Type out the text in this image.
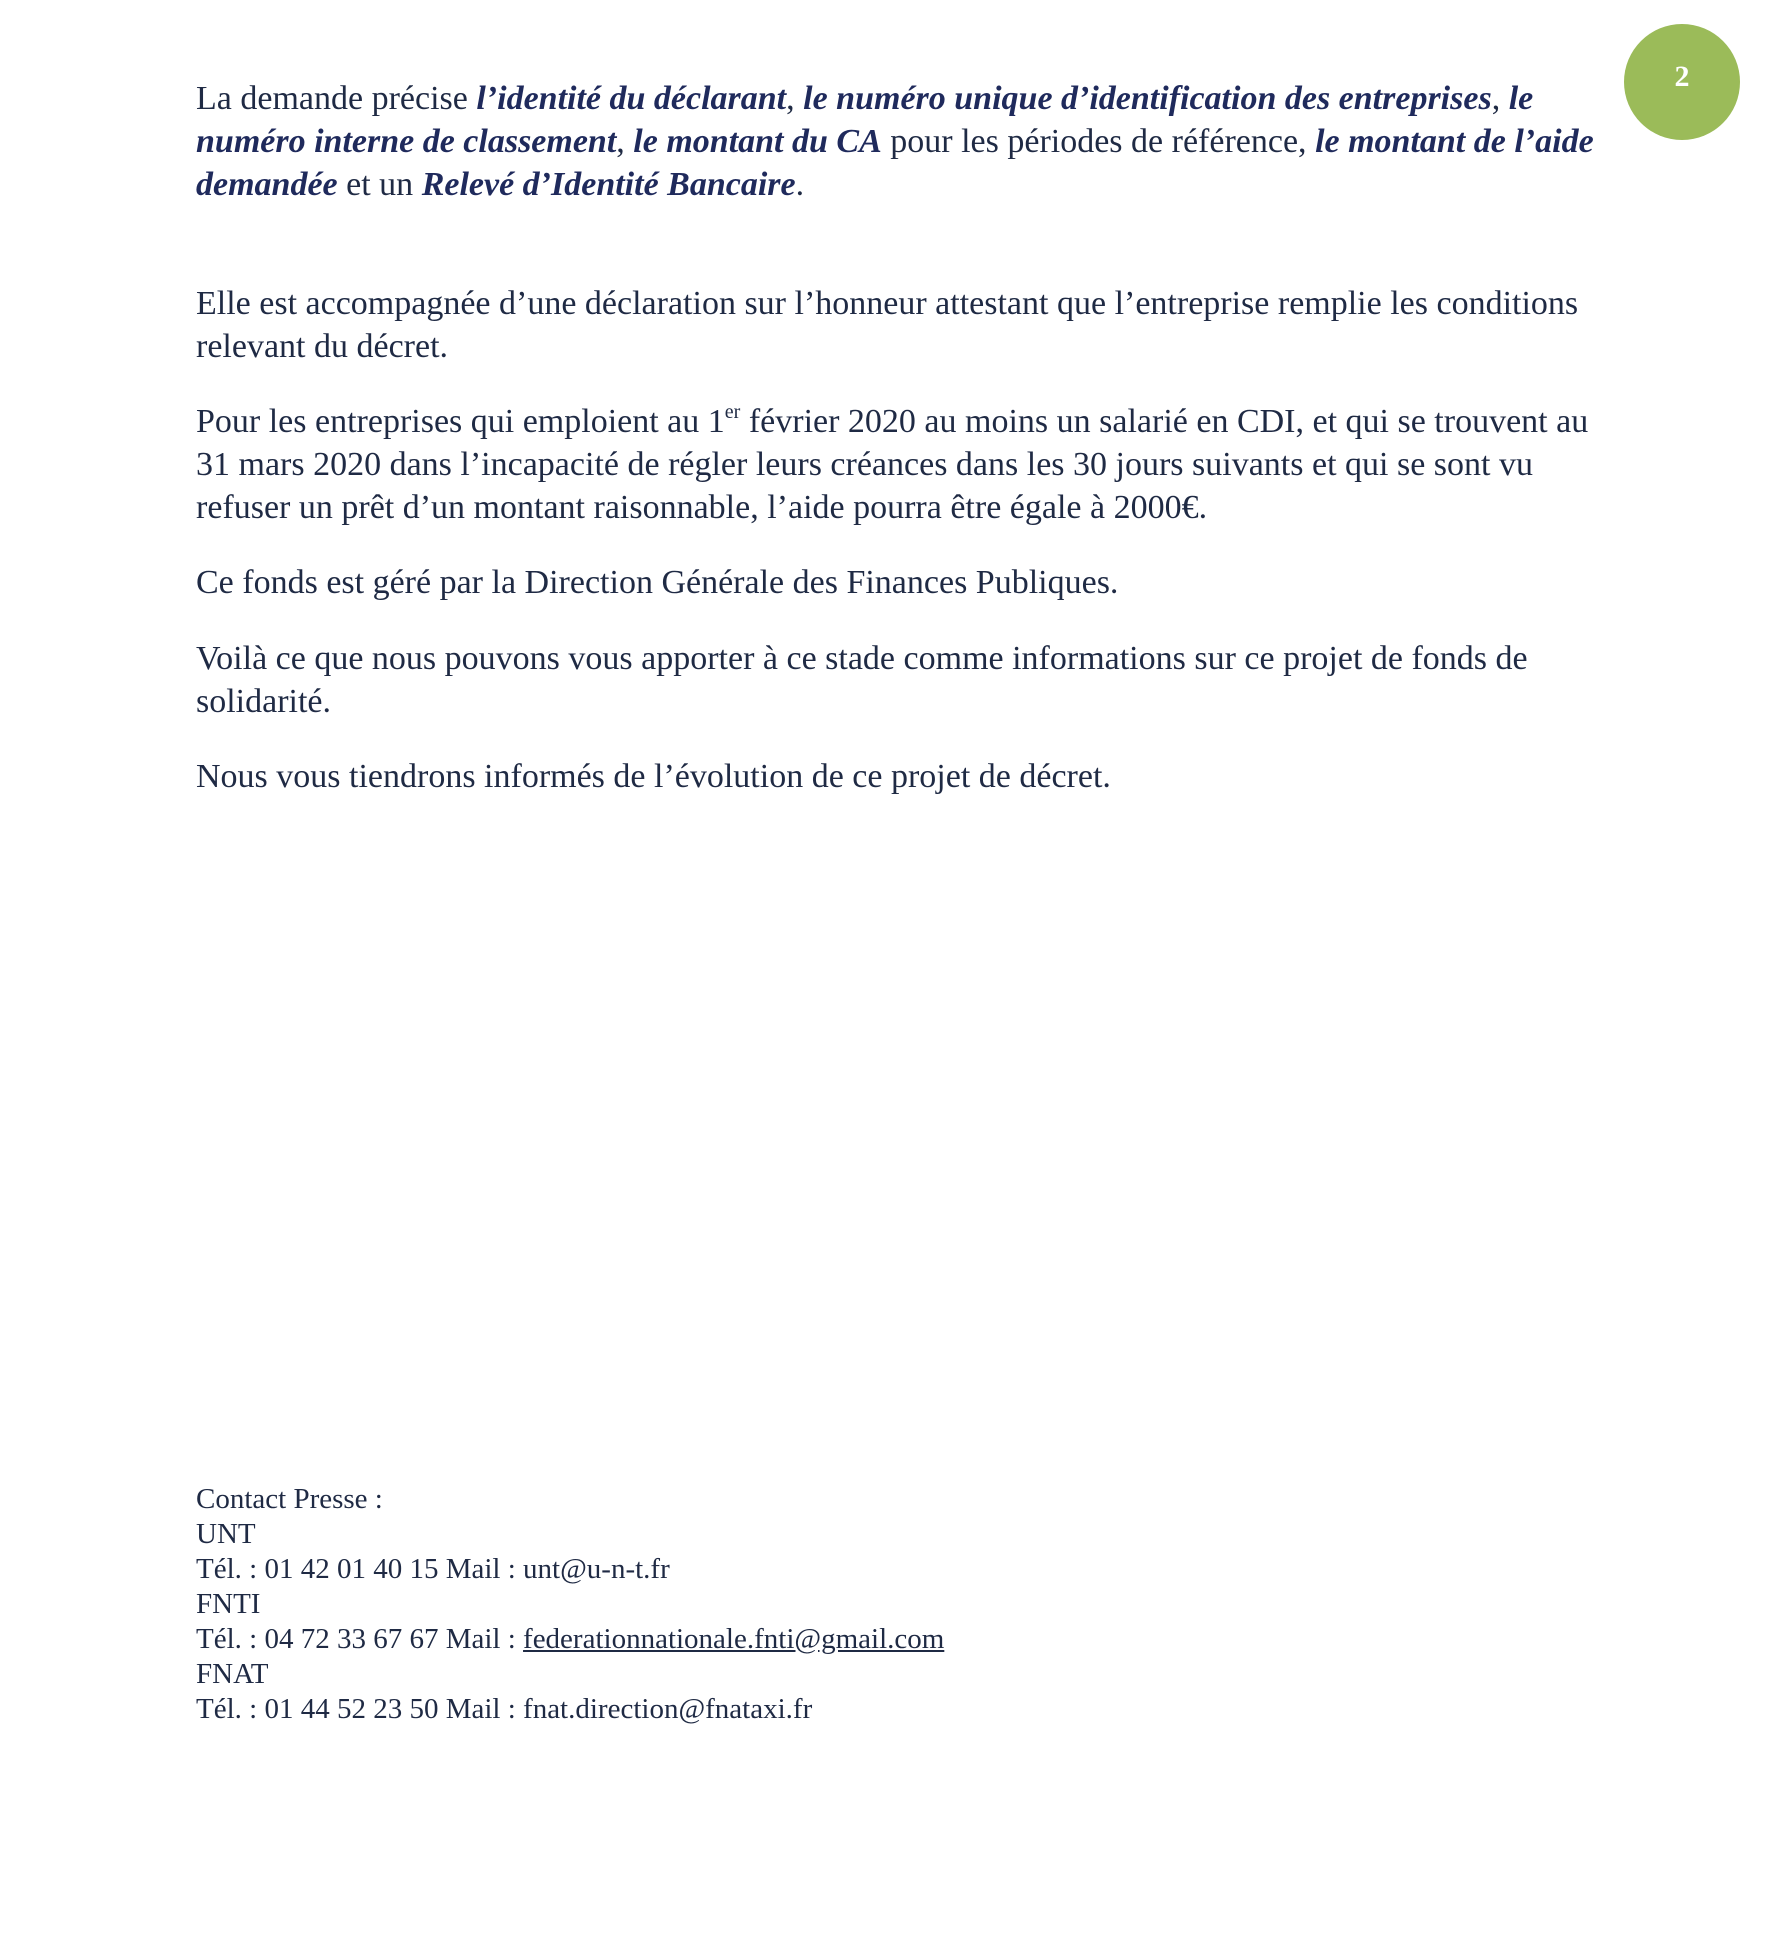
2

La demande précise l’identité du déclarant, le numéro unique d’identification des entreprises, le numéro interne de classement, le montant du CA pour les périodes de référence, le montant de l’aide demandée et un Relevé d’Identité Bancaire.

Elle est accompagnée d’une déclaration sur l’honneur attestant que l’entreprise remplie les conditions relevant du décret.

Pour les entreprises qui emploient au 1er février 2020 au moins un salarié en CDI, et qui se trouvent au 31 mars 2020 dans l’incapacité de régler leurs créances dans les 30 jours suivants et qui se sont vu refuser un prêt d’un montant raisonnable, l’aide pourra être égale à 2000€.

Ce fonds est géré par la Direction Générale des Finances Publiques.

Voilà ce que nous pouvons vous apporter à ce stade comme informations sur ce projet de fonds de solidarité.

Nous vous tiendrons informés de l’évolution de ce projet de décret.

Contact Presse :
UNT
Tél. : 01 42 01 40 15 Mail : unt@u-n-t.fr
FNTI
Tél. : 04 72 33 67 67 Mail : federationnationale.fnti@gmail.com
FNAT
Tél. : 01 44 52 23 50 Mail : fnat.direction@fnataxi.fr
